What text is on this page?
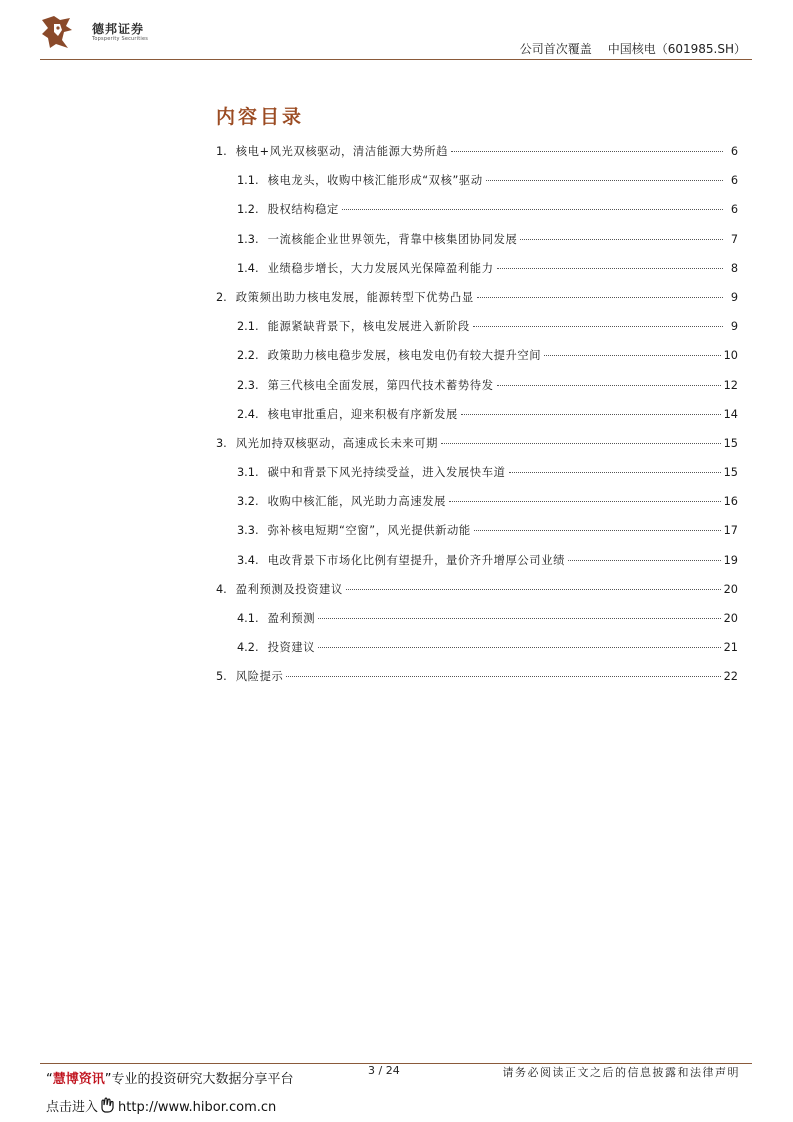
德邦证券
Topsperity Securities
公司首次覆盖 中国核电（601985.SH）
内容目录
1. 核电+风光双核驱动，清洁能源大势所趋	6
1.1. 核电龙头，收购中核汇能形成“双核”驱动	6
1.2. 股权结构稳定	6
1.3. 一流核能企业世界领先，背靠中核集团协同发展	7
1.4. 业绩稳步增长，大力发展风光保障盈利能力	8
2. 政策频出助力核电发展，能源转型下优势凸显	9
2.1. 能源紧缺背景下，核电发展进入新阶段	9
2.2. 政策助力核电稳步发展，核电发电仍有较大提升空间	10
2.3. 第三代核电全面发展，第四代技术蓄势待发	12
2.4. 核电审批重启，迎来积极有序新发展	14
3. 风光加持双核驱动，高速成长未来可期	15
3.1. 碳中和背景下风光持续受益，进入发展快车道	15
3.2. 收购中核汇能，风光助力高速发展	16
3.3. 弥补核电短期“空窗”，风光提供新动能	17
3.4. 电改背景下市场化比例有望提升，量价齐升增厚公司业绩	19
4. 盈利预测及投资建议	20
4.1. 盈利预测	20
4.2. 投资建议	21
5. 风险提示	22
3 / 24	请务必阅读正文之后的信息披露和法律声明
“慧博资讯”专业的投资研究大数据分享平台
点击进入 http://www.hibor.com.cn
